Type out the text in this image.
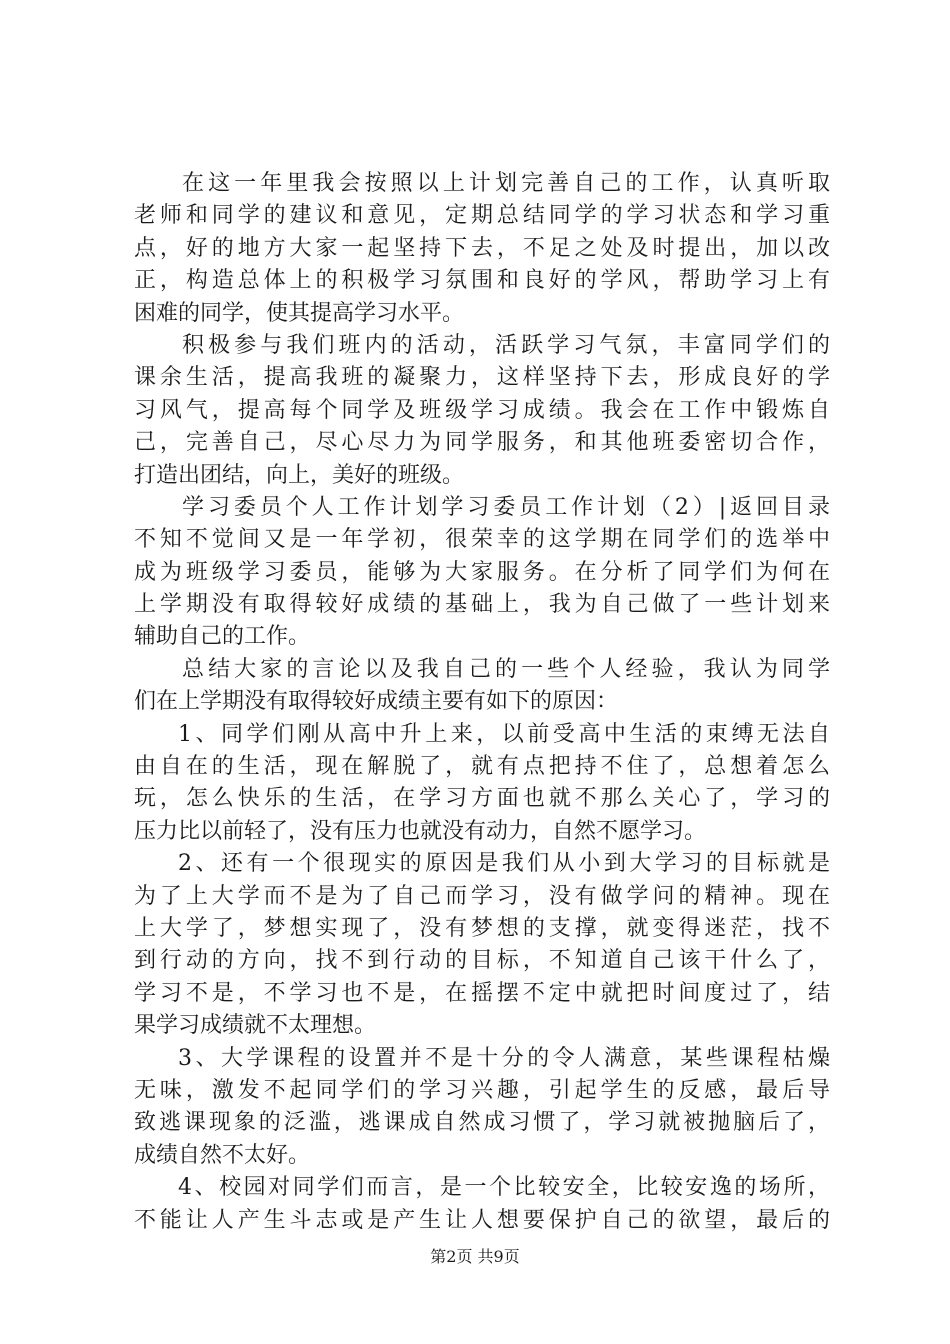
在这一年里我会按照以上计划完善自己的工作，认真听取
老师和同学的建议和意见，定期总结同学的学习状态和学习重
点，好的地方大家一起坚持下去，不足之处及时提出，加以改
正，构造总体上的积极学习氛围和良好的学风，帮助学习上有
困难的同学，使其提高学习水平。
积极参与我们班内的活动，活跃学习气氛，丰富同学们的
课余生活，提高我班的凝聚力，这样坚持下去，形成良好的学
习风气，提高每个同学及班级学习成绩。我会在工作中锻炼自
己，完善自己，尽心尽力为同学服务，和其他班委密切合作，
打造出团结，向上，美好的班级。
学习委员个人工作计划学习委员工作计划（2）|返回目录
不知不觉间又是一年学初，很荣幸的这学期在同学们的选举中
成为班级学习委员，能够为大家服务。在分析了同学们为何在
上学期没有取得较好成绩的基础上，我为自己做了一些计划来
辅助自己的工作。
总结大家的言论以及我自己的一些个人经验，我认为同学
们在上学期没有取得较好成绩主要有如下的原因：
1、同学们刚从高中升上来，以前受高中生活的束缚无法自
由自在的生活，现在解脱了，就有点把持不住了，总想着怎么
玩，怎么快乐的生活，在学习方面也就不那么关心了，学习的
压力比以前轻了，没有压力也就没有动力，自然不愿学习。
2、还有一个很现实的原因是我们从小到大学习的目标就是
为了上大学而不是为了自己而学习，没有做学问的精神。现在
上大学了，梦想实现了，没有梦想的支撑，就变得迷茫，找不
到行动的方向，找不到行动的目标，不知道自己该干什么了，
学习不是，不学习也不是，在摇摆不定中就把时间度过了，结
果学习成绩就不太理想。
3、大学课程的设置并不是十分的令人满意，某些课程枯燥
无味，激发不起同学们的学习兴趣，引起学生的反感，最后导
致逃课现象的泛滥，逃课成自然成习惯了，学习就被抛脑后了，
成绩自然不太好。
4、校园对同学们而言，是一个比较安全，比较安逸的场所，
不能让人产生斗志或是产生让人想要保护自己的欲望，最后的
第2页 共9页
